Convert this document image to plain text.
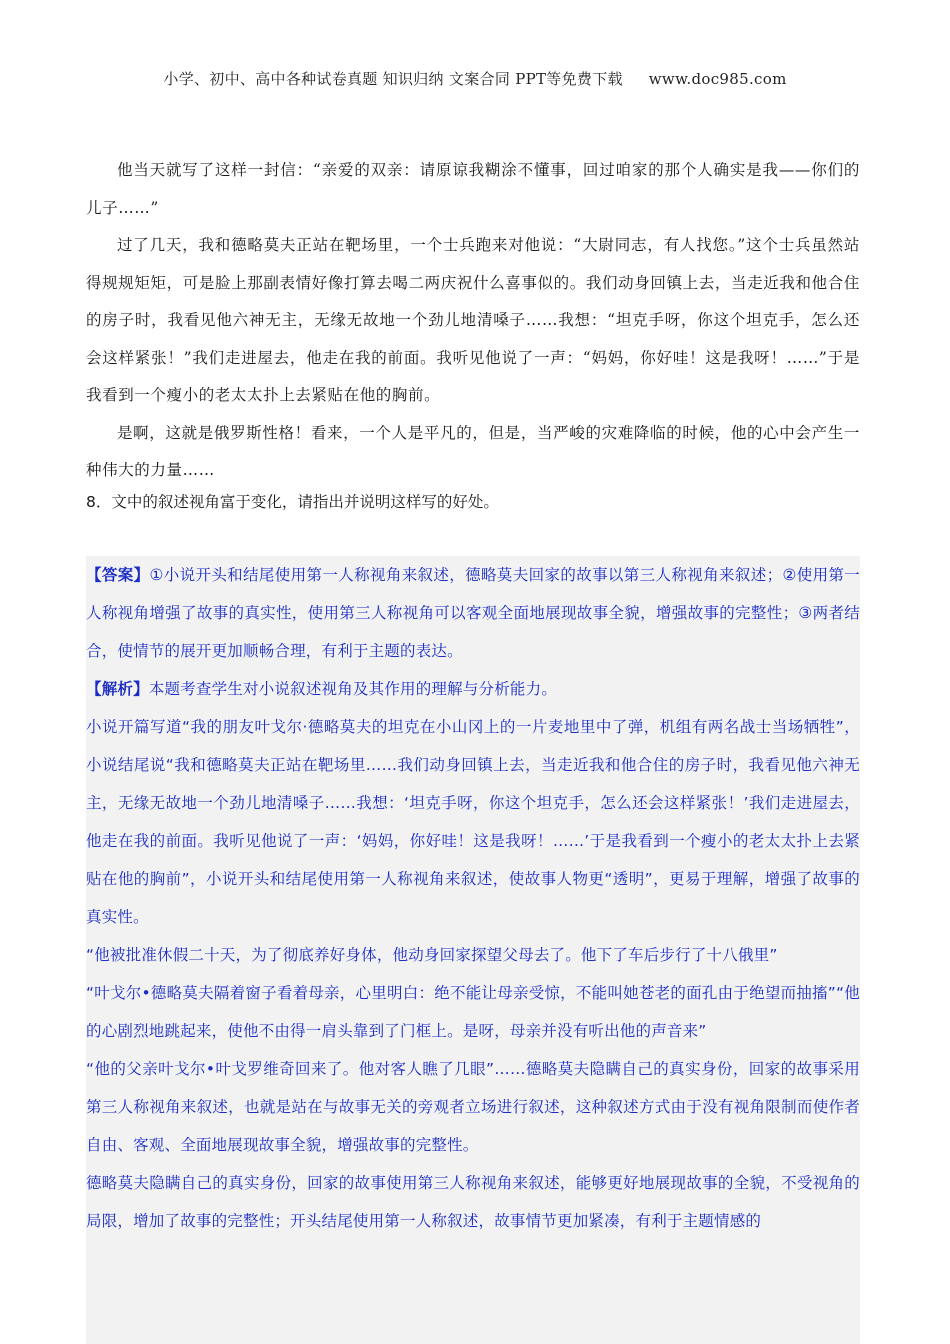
小学、初中、高中各种试卷真题 知识归纳 文案合同 PPT等免费下载 www.doc985.com

他当天就写了这样一封信：“亲爱的双亲：请原谅我糊涂不懂事，回过咱家的那个人确实是我——你们的儿子……”

过了几天，我和德略莫夫正站在靶场里，一个士兵跑来对他说：“大尉同志，有人找您。”这个士兵虽然站得规规矩矩，可是脸上那副表情好像打算去喝二两庆祝什么喜事似的。我们动身回镇上去，当走近我和他合住的房子时，我看见他六神无主，无缘无故地一个劲儿地清嗓子……我想：“坦克手呀，你这个坦克手，怎么还会这样紧张！”我们走进屋去，他走在我的前面。我听见他说了一声：“妈妈，你好哇！这是我呀！……”于是我看到一个瘦小的老太太扑上去紧贴在他的胸前。

是啊，这就是俄罗斯性格！看来，一个人是平凡的，但是，当严峻的灾难降临的时候，他的心中会产生一种伟大的力量……

8．文中的叙述视角富于变化，请指出并说明这样写的好处。

【答案】①小说开头和结尾使用第一人称视角来叙述，德略莫夫回家的故事以第三人称视角来叙述；②使用第一人称视角增强了故事的真实性，使用第三人称视角可以客观全面地展现故事全貌，增强故事的完整性；③两者结合，使情节的展开更加顺畅合理，有利于主题的表达。

【解析】本题考查学生对小说叙述视角及其作用的理解与分析能力。

小说开篇写道“我的朋友叶戈尔·德略莫夫的坦克在小山冈上的一片麦地里中了弹，机组有两名战士当场牺牲”，小说结尾说“我和德略莫夫正站在靶场里……我们动身回镇上去，当走近我和他合住的房子时，我看见他六神无主，无缘无故地一个劲儿地清嗓子……我想：‘坦克手呀，你这个坦克手，怎么还会这样紧张！’我们走进屋去，他走在我的前面。我听见他说了一声：‘妈妈，你好哇！这是我呀！……’于是我看到一个瘦小的老太太扑上去紧贴在他的胸前”，小说开头和结尾使用第一人称视角来叙述，使故事人物更“透明”，更易于理解，增强了故事的真实性。

“他被批准休假二十天，为了彻底养好身体，他动身回家探望父母去了。他下了车后步行了十八俄里”

“叶戈尔•德略莫夫隔着窗子看着母亲，心里明白：绝不能让母亲受惊，不能叫她苍老的面孔由于绝望而抽搐”“他的心剧烈地跳起来，使他不由得一肩头靠到了门框上。是呀，母亲并没有听出他的声音来”

“他的父亲叶戈尔•叶戈罗维奇回来了。他对客人瞧了几眼”……德略莫夫隐瞒自己的真实身份，回家的故事采用第三人称视角来叙述，也就是站在与故事无关的旁观者立场进行叙述，这种叙述方式由于没有视角限制而使作者自由、客观、全面地展现故事全貌，增强故事的完整性。

德略莫夫隐瞒自己的真实身份，回家的故事使用第三人称视角来叙述，能够更好地展现故事的全貌，不受视角的局限，增加了故事的完整性；开头结尾使用第一人称叙述，故事情节更加紧凑，有利于主题情感的
